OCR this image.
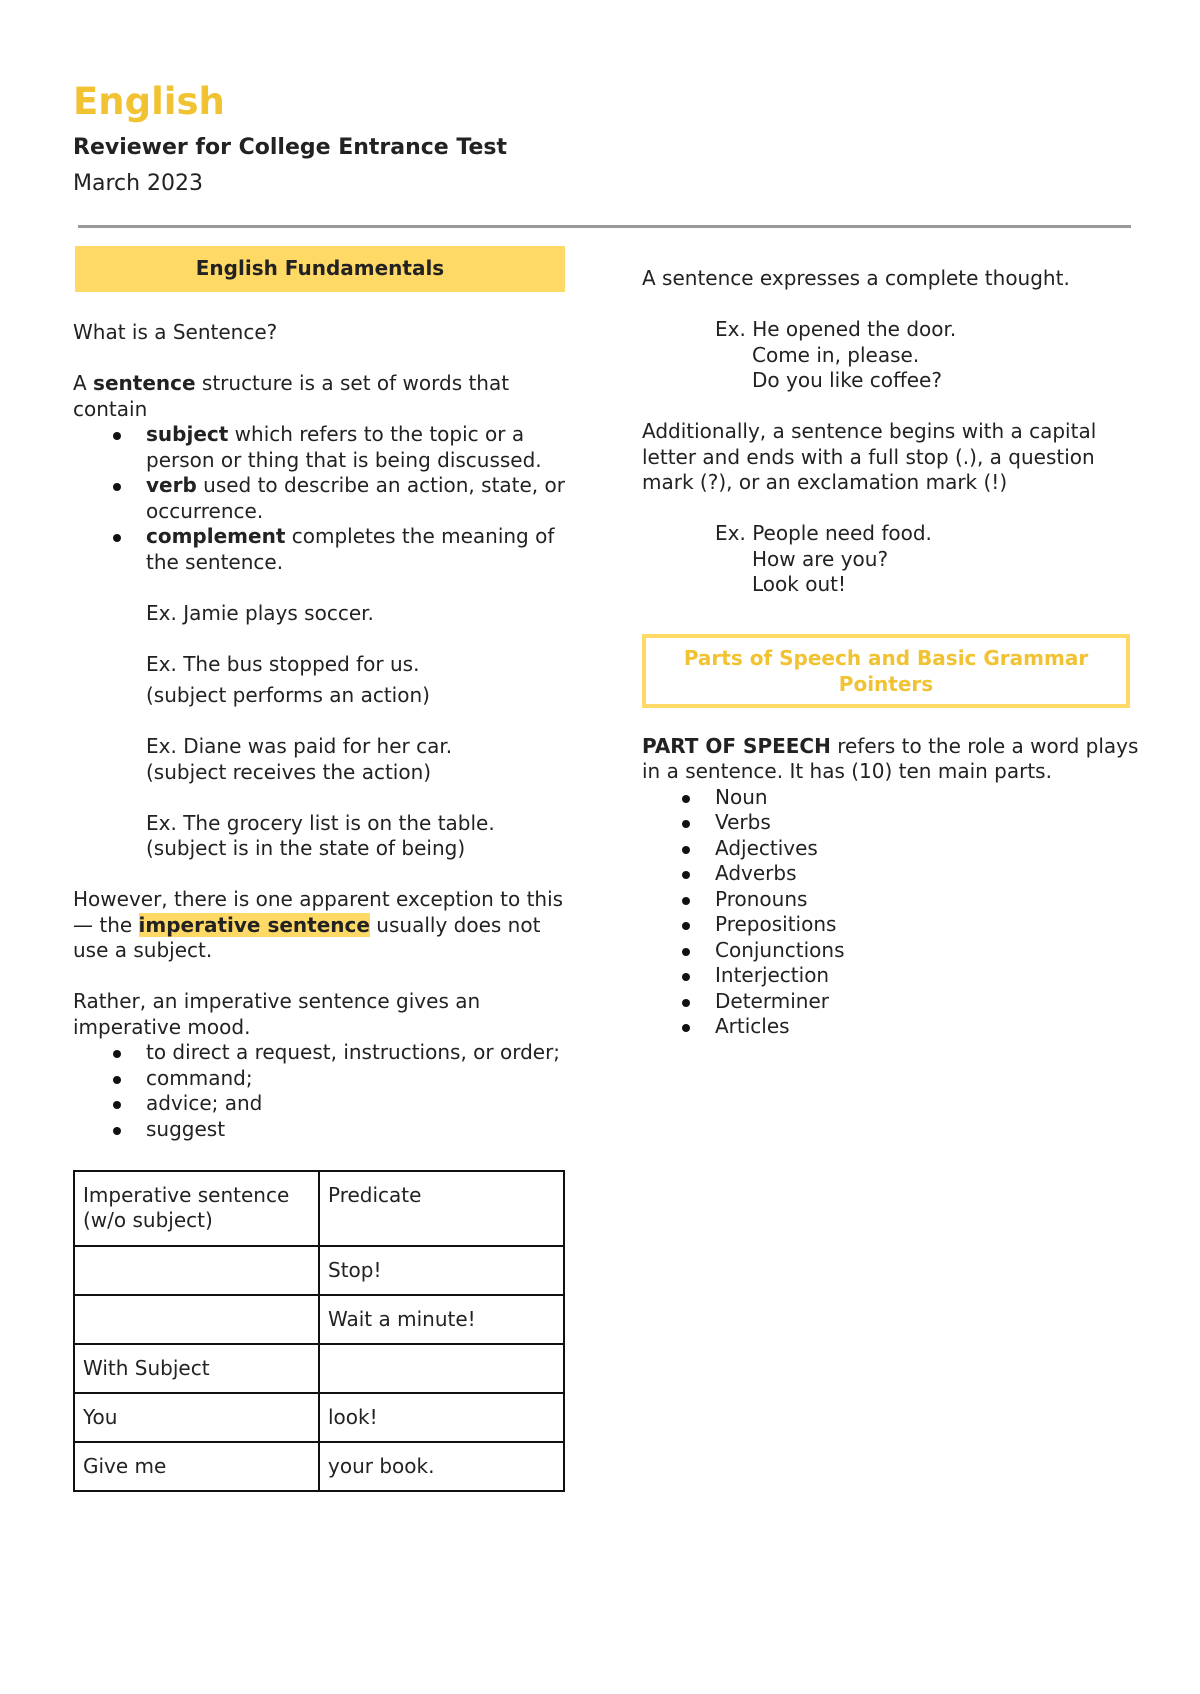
English
Reviewer for College Entrance Test
March 2023
English Fundamentals

What is a Sentence?

A sentence structure is a set of words that contain

subject which refers to the topic or a person or thing that is being discussed.
verb used to describe an action, state, or occurrence.
complement completes the meaning of the sentence.

Ex. Jamie plays soccer.

Ex. The bus stopped for us.

(subject performs an action)

Ex. Diane was paid for her car.

(subject receives the action)

Ex. The grocery list is on the table.

(subject is in the state of being)

However, there is one apparent exception to this— the imperative sentence usually does not use a subject.

Rather, an imperative sentence gives an imperative mood.

to direct a request, instructions, or order;
command;
advice; and
suggest
Imperative sentence (w/o subject)	Predicate
	Stop!
	Wait a minute!
With Subject	
You	look!
Give me	your book.

A sentence expresses a complete thought.

Ex. He opened the door.

Come in, please.

Do you like coffee?

Additionally, a sentence begins with a capital letter and ends with a full stop (.), a question mark (?), or an exclamation mark (!)

Ex. People need food.

How are you?

Look out!

Parts of Speech and Basic Grammar Pointers

PART OF SPEECH refers to the role a word plays in a sentence. It has (10) ten main parts.

Noun
Verbs
Adjectives
Adverbs
Pronouns
Prepositions
Conjunctions
Interjection
Determiner
Articles
